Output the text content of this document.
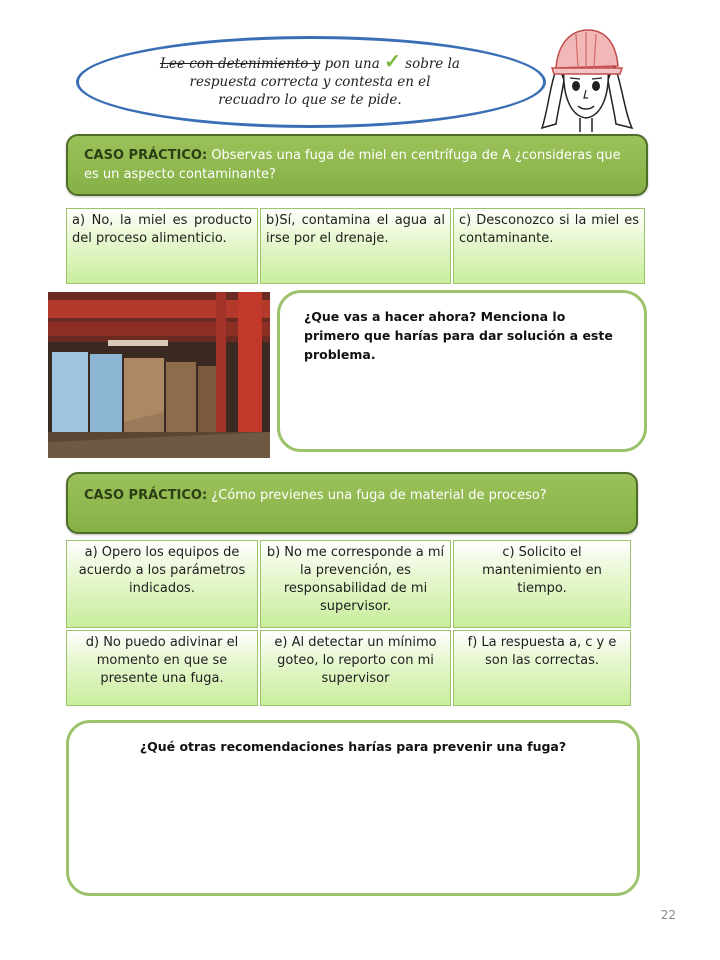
Lee con detenimiento y pon una ✓ sobre la
respuesta correcta y contesta en el
recuadro lo que se te pide.
CASO PRÁCTICO: Observas una fuga de miel en centrífuga de A ¿consideras que es un aspecto contaminante?
a) No, la miel es producto del proceso alimenticio.
b)Sí, contamina el agua al irse por el drenaje.
c) Desconozco si la miel es contaminante.
¿Que vas a hacer ahora? Menciona lo primero que harías para dar solución a este problema.
CASO PRÁCTICO: ¿Cómo previenes una fuga de material de proceso?
a) Opero los equipos de acuerdo a los parámetros indicados.
b) No me corresponde a mí la prevención, es responsabilidad de mi supervisor.
c) Solicito el mantenimiento en tiempo.
d) No puedo adivinar el momento en que se presente una fuga.
e) Al detectar un mínimo goteo, lo reporto con mi supervisor
f) La respuesta a, c y e son las correctas.
¿Qué otras recomendaciones harías para prevenir una fuga?
22
